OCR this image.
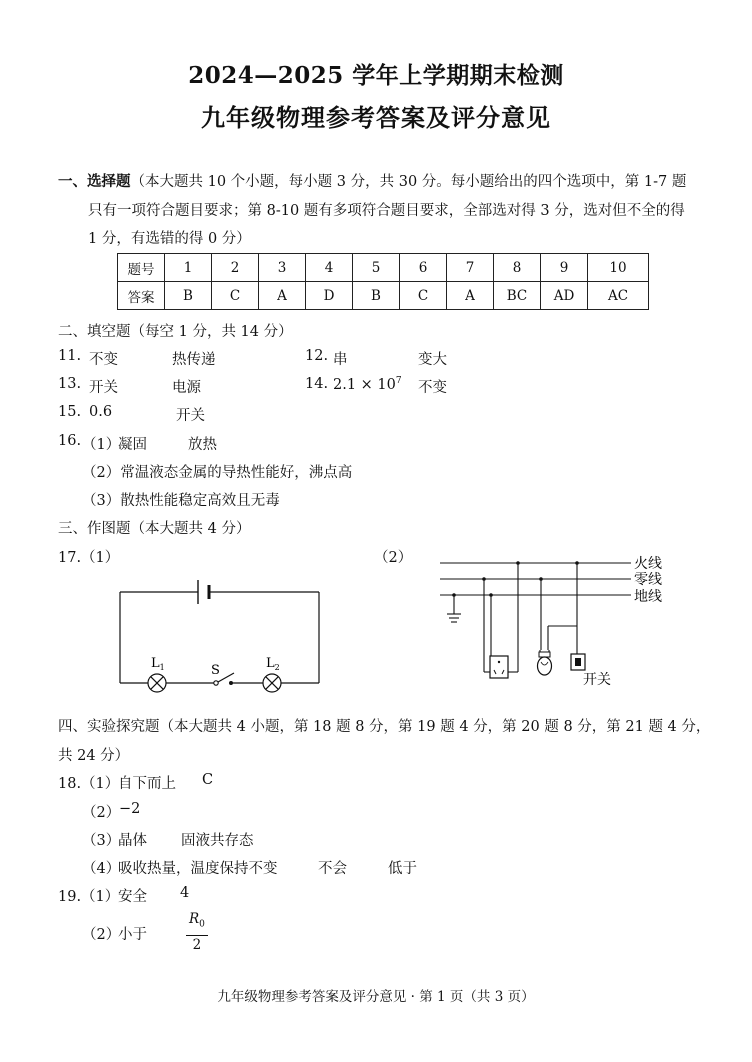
2024—2025 学年上学期期末检测
九年级物理参考答案及评分意见
一、选择题（本大题共 10 个小题，每小题 3 分，共 30 分。每小题给出的四个选项中，第 1-7 题
只有一项符合题目要求；第 8-10 题有多项符合题目要求，全部选对得 3 分，选对但不全的得
1 分，有选错的得 0 分）
题号	1	2	3	4	5	6	7	8	9	10
答案	B	C	A	D	B	C	A	BC	AD	AC
二、填空题（每空 1 分，共 14 分）
11. 不变	热传递	12. 串	变大
13. 开关	电源	14. $2.1 \times 10^7$ 不变
15. 0.6	开关
16. （1）
凝固	放热
（2）常温液态金属的导热性能好，沸点高
（3）散热性能稳定高效且无毒
三、作图题（本大题共 4 分）
17.（1）	（2）
$L_1$	S	$L_2$
火线
零线
地线
开关
四、实验探究题（本大题共 4 小题，第 18 题 8 分，第 19 题 4 分，第 20 题 8 分，第 21 题 4 分，
共 24 分）
18.（1）
自下而上 C
（2）
−2
（3）
晶体 固液共存态
（4）
吸收热量，温度保持不变	不会	低于
19.（1）
安全 4
（2）
小于	$\frac{R_0}{2}$
九年级物理参考答案及评分意见 · 第 1 页（共 3 页）
